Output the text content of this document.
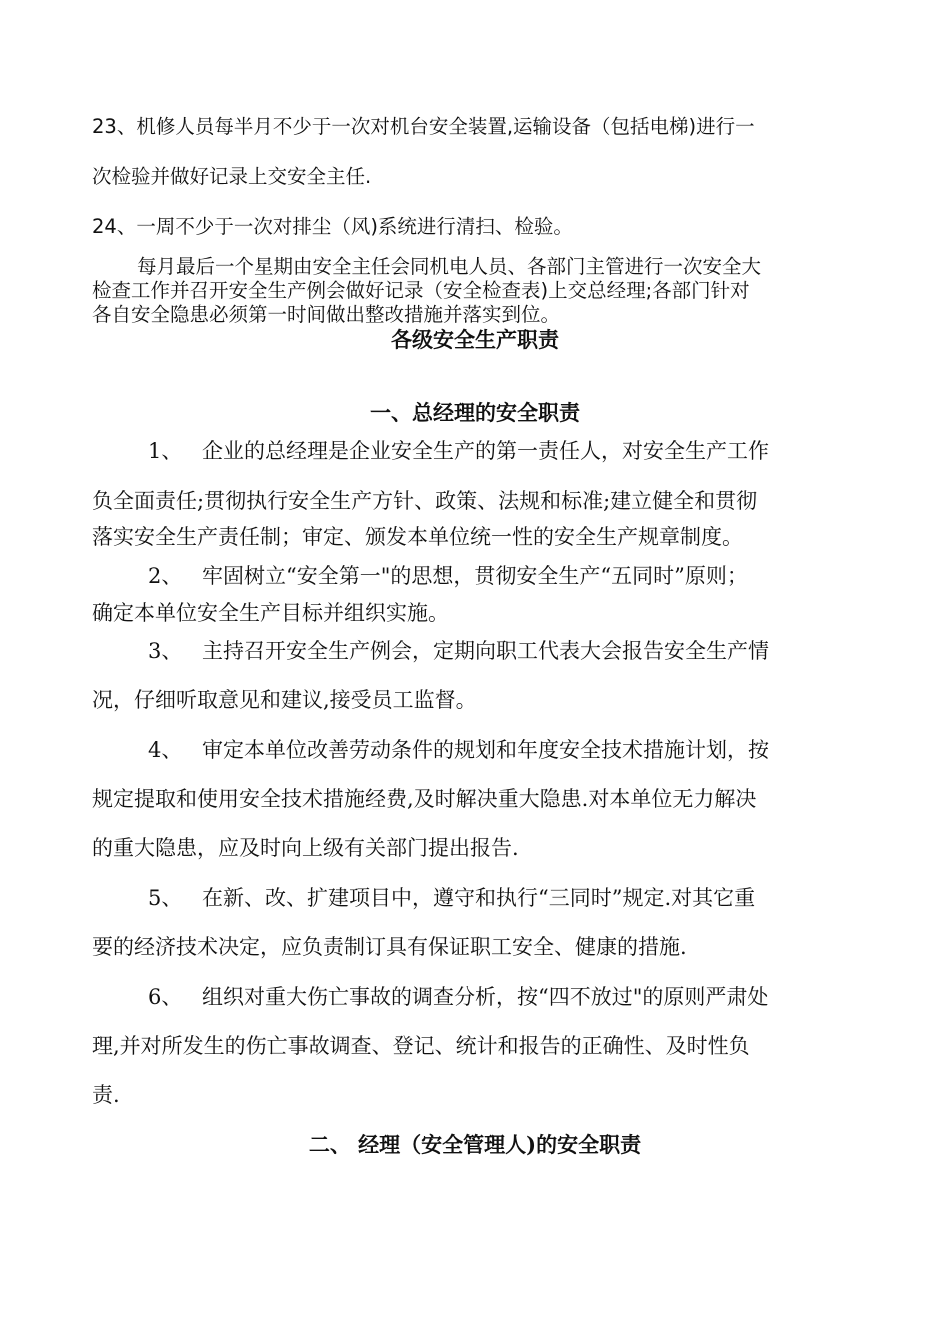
23、机修人员每半月不少于一次对机台安全装置,运输设备（包括电梯)进行一
次检验并做好记录上交安全主任.
24、一周不少于一次对排尘（风)系统进行清扫、检验。
每月最后一个星期由安全主任会同机电人员、各部门主管进行一次安全大
检查工作并召开安全生产例会做好记录（安全检查表)上交总经理;各部门针对
各自安全隐患必须第一时间做出整改措施并落实到位。
各级安全生产职责
一、总经理的安全职责
1、 企业的总经理是企业安全生产的第一责任人，对安全生产工作
负全面责任;贯彻执行安全生产方针、政策、法规和标准;建立健全和贯彻
落实安全生产责任制；审定、颁发本单位统一性的安全生产规章制度。
2、 牢固树立“安全第一"的思想，贯彻安全生产“五同时”原则；
确定本单位安全生产目标并组织实施。
3、 主持召开安全生产例会，定期向职工代表大会报告安全生产情
况，仔细听取意见和建议,接受员工监督。
4、 审定本单位改善劳动条件的规划和年度安全技术措施计划，按
规定提取和使用安全技术措施经费,及时解决重大隐患.对本单位无力解决
的重大隐患，应及时向上级有关部门提出报告.
5、 在新、改、扩建项目中，遵守和执行“三同时”规定.对其它重
要的经济技术决定，应负责制订具有保证职工安全、健康的措施.
6、 组织对重大伤亡事故的调查分析，按“四不放过"的原则严肃处
理,并对所发生的伤亡事故调查、登记、统计和报告的正确性、及时性负
责.
二、 经理（安全管理人)的安全职责
